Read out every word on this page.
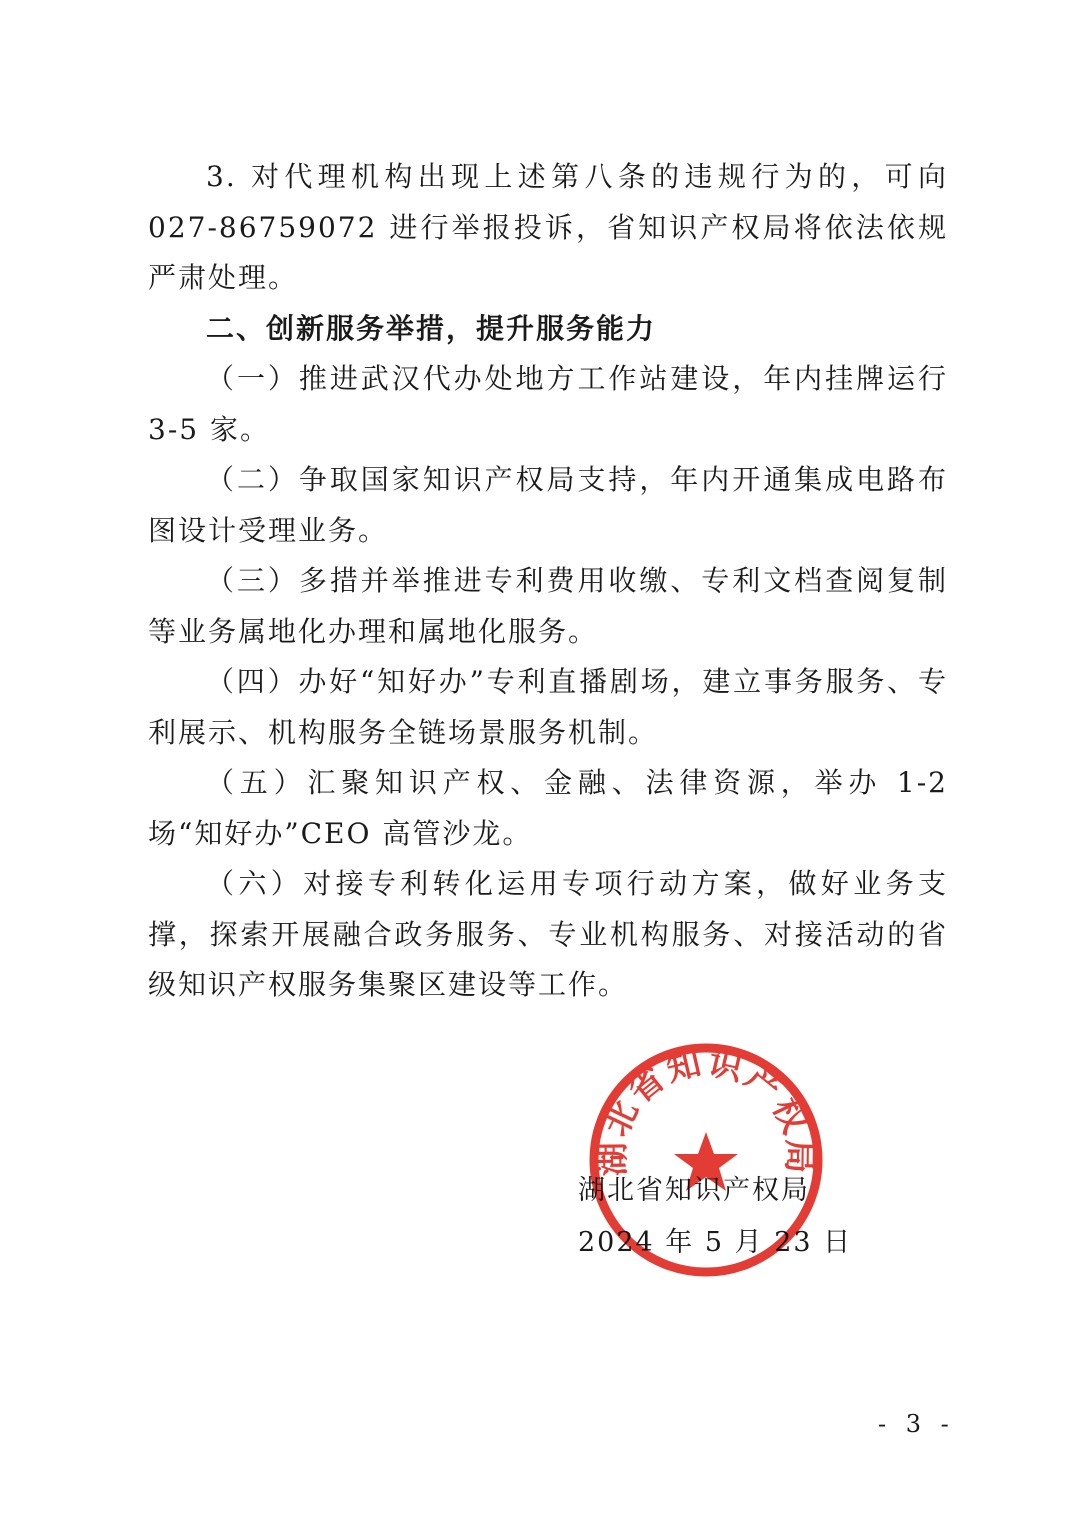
3. 对代理机构出现上述第八条的违规行为的，可向 027-86759072 进行举报投诉，省知识产权局将依法依规严肃处理。

二、创新服务举措，提升服务能力

（一）推进武汉代办处地方工作站建设，年内挂牌运行 3-5 家。

（二）争取国家知识产权局支持，年内开通集成电路布图设计受理业务。

（三）多措并举推进专利费用收缴、专利文档查阅复制等业务属地化办理和属地化服务。

（四）办好“知好办”专利直播剧场，建立事务服务、专利展示、机构服务全链场景服务机制。

（五）汇聚知识产权、金融、法律资源，举办 1-2 场“知好办”CEO 高管沙龙。

（六）对接专利转化运用专项行动方案，做好业务支撑，探索开展融合政务服务、专业机构服务、对接活动的省级知识产权服务集聚区建设等工作。

湖北省知识产权局
2024 年 5 月 23 日
湖北省知识产权局
- 3 -
